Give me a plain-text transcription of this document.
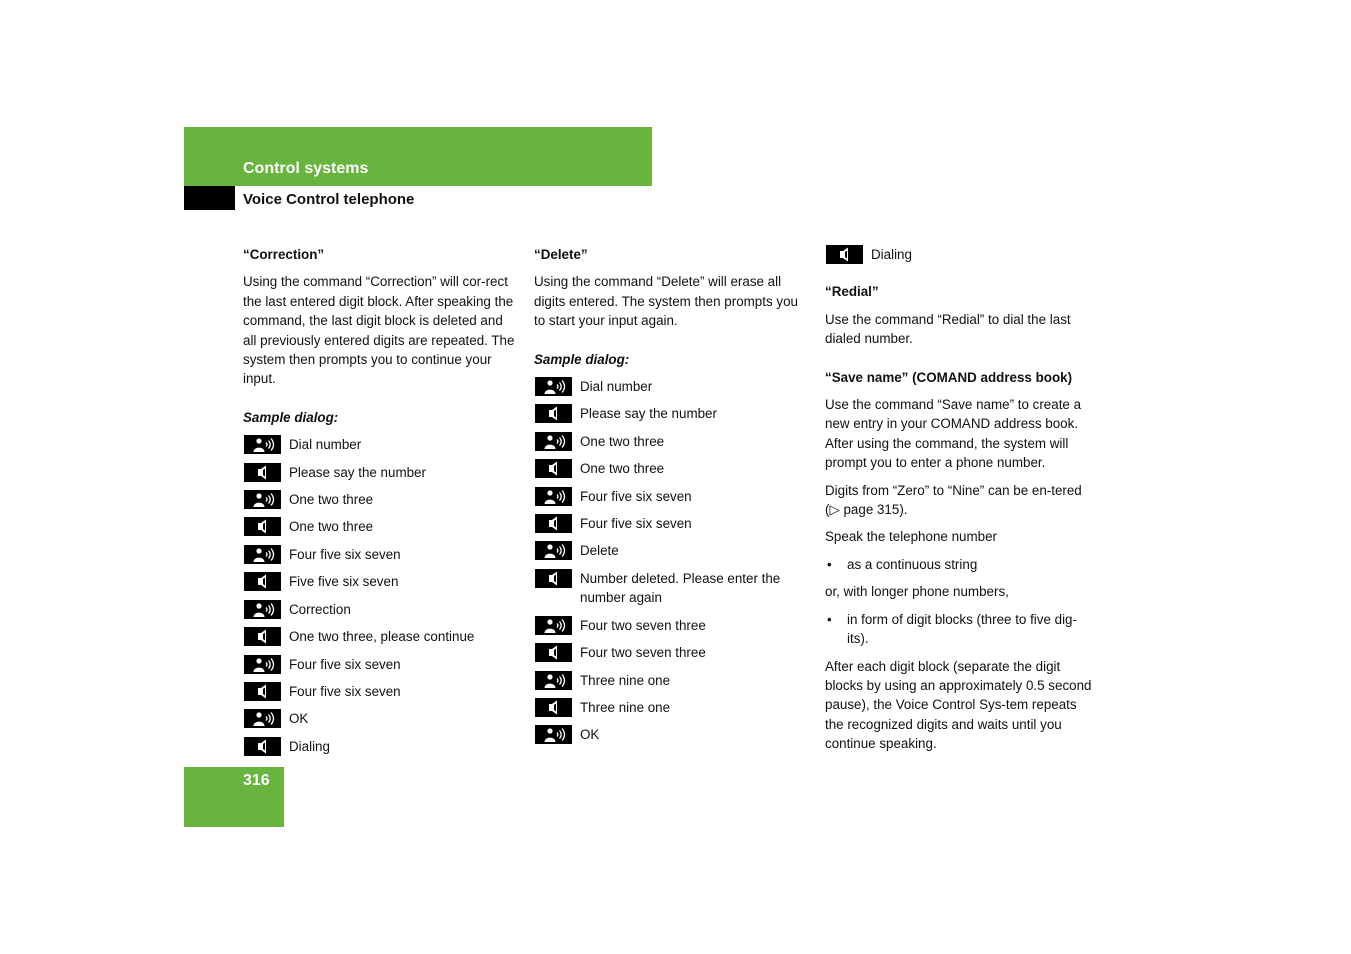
Control systems
Voice Control telephone
“Correction”
Using the command “Correction” will cor-rect the last entered digit block. After speaking the command, the last digit block is deleted and all previously entered digits are repeated. The system then prompts you to continue your input.
Sample dialog:
Dial number
Please say the number
One two three
One two three
Four five six seven
Five five six seven
Correction
One two three, please continue
Four five six seven
Four five six seven
OK
Dialing
“Delete”
Using the command “Delete” will erase all digits entered. The system then prompts you to start your input again.
Sample dialog:
Dial number
Please say the number
One two three
One two three
Four five six seven
Four five six seven
Delete
Number deleted. Please enter the number again
Four two seven three
Four two seven three
Three nine one
Three nine one
OK
Dialing
“Redial”
Use the command “Redial” to dial the last dialed number.
“Save name” (COMAND address book)
Use the command “Save name” to create a new entry in your COMAND address book. After using the command, the system will prompt you to enter a phone number.
Digits from “Zero” to “Nine” can be en-tered (▷ page 315).
Speak the telephone number
•	as a continuous string
or, with longer phone numbers,
•	in form of digit blocks (three to five dig-its).
After each digit block (separate the digit blocks by using an approximately 0.5 second pause), the Voice Control Sys-tem repeats the recognized digits and waits until you continue speaking.
316
